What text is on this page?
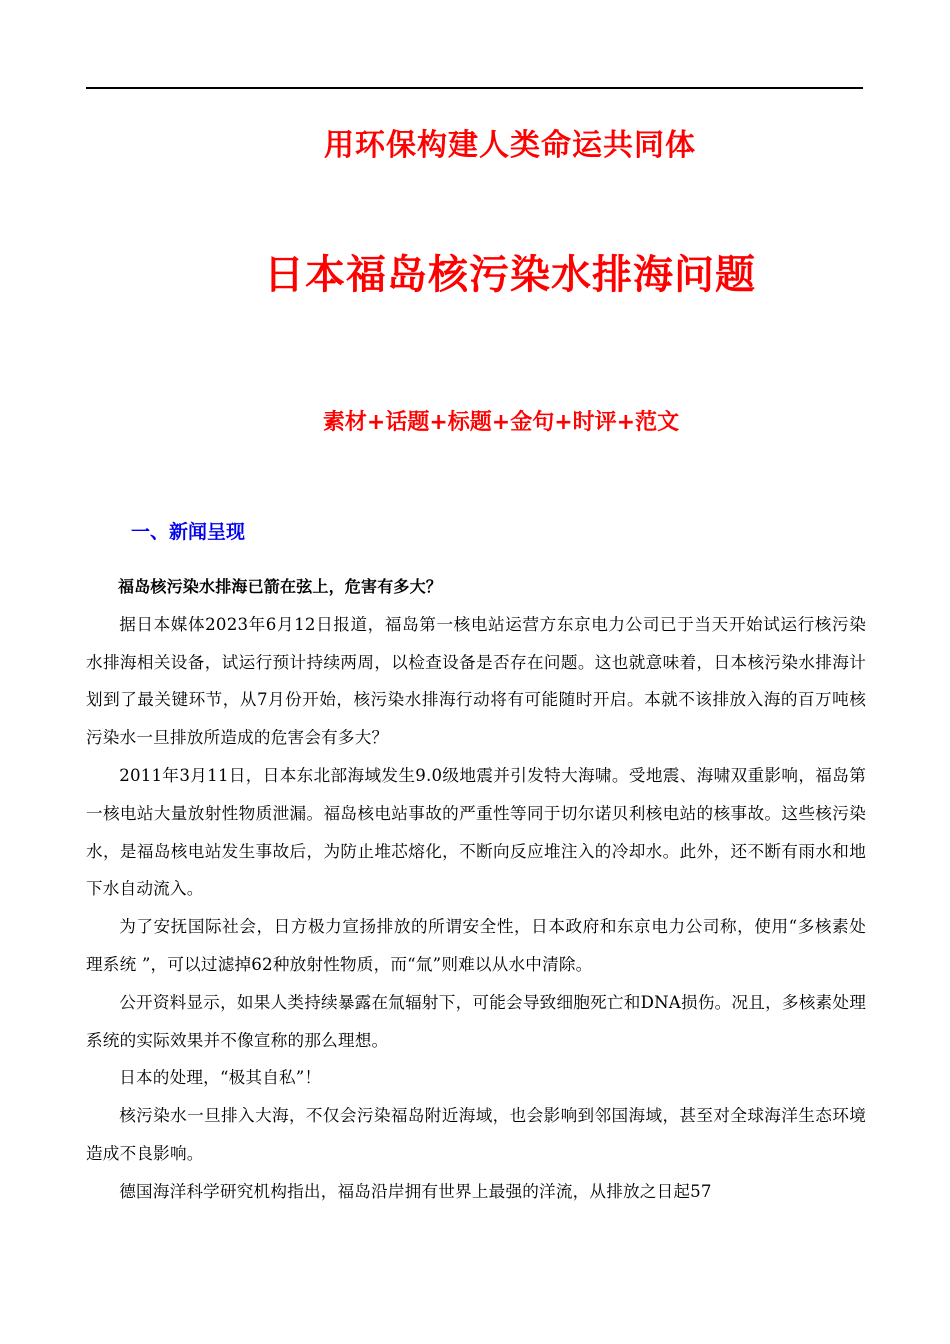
用环保构建人类命运共同体
日本福岛核污染水排海问题
素材+话题+标题+金句+时评+范文
一、新闻呈现

福岛核污染水排海已箭在弦上，危害有多大？

据日本媒体2023年6月12日报道，福岛第一核电站运营方东京电力公司已于当天开始试运行核污染水排海相关设备，试运行预计持续两周，以检查设备是否存在问题。这也就意味着，日本核污染水排海计划到了最关键环节，从7月份开始，核污染水排海行动将有可能随时开启。本就不该排放入海的百万吨核污染水一旦排放所造成的危害会有多大？

2011年3月11日，日本东北部海域发生9.0级地震并引发特大海啸。受地震、海啸双重影响，福岛第一核电站大量放射性物质泄漏。福岛核电站事故的严重性等同于切尔诺贝利核电站的核事故。这些核污染水，是福岛核电站发生事故后，为防止堆芯熔化，不断向反应堆注入的冷却水。此外，还不断有雨水和地下水自动流入。

为了安抚国际社会，日方极力宣扬排放的所谓安全性，日本政府和东京电力公司称，使用“多核素处理系统 ”，可以过滤掉62种放射性物质，而“氚”则难以从水中清除。

公开资料显示，如果人类持续暴露在氚辐射下，可能会导致细胞死亡和DNA损伤。况且，多核素处理系统的实际效果并不像宣称的那么理想。

日本的处理，“极其自私”！

核污染水一旦排入大海，不仅会污染福岛附近海域，也会影响到邻国海域，甚至对全球海洋生态环境造成不良影响。

德国海洋科学研究机构指出，福岛沿岸拥有世界上最强的洋流，从排放之日起57
